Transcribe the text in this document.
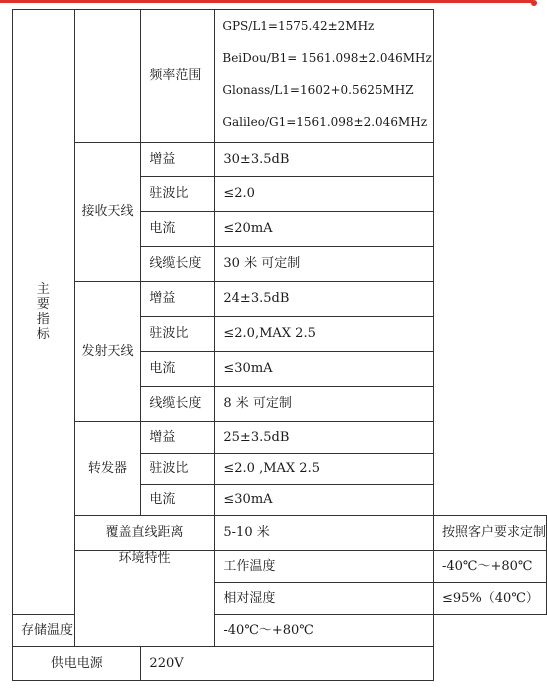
主要指标		频率范围	GPS/L1=1575.42±2MHz
BeiDou/B1= 1561.098±2.046MHz
Glonass/L1=1602+0.5625MHZ
Galileo/G1=1561.098±2.046MHz	

	接收天线	增益	30±3.5dB	
		驻波比	≤2.0	
		电流	≤20mA	
		线缆长度	30 米 可定制	
	发射天线	增益	24±3.5dB	
		驻波比	≤2.0,MAX 2.5	
		电流	≤30mA	
		线缆长度	8 米 可定制	
	转发器	增益	25±3.5dB	
		驻波比	≤2.0 ,MAX 2.5	
		电流	≤30mA	
	覆盖直线距离		5-10 米	按照客户要求定制
	环境特性		工作温度	-40℃～+80℃
			相对湿度	≤95%（40℃）
存储温度			-40℃～+80℃	
供电电源		220V		
